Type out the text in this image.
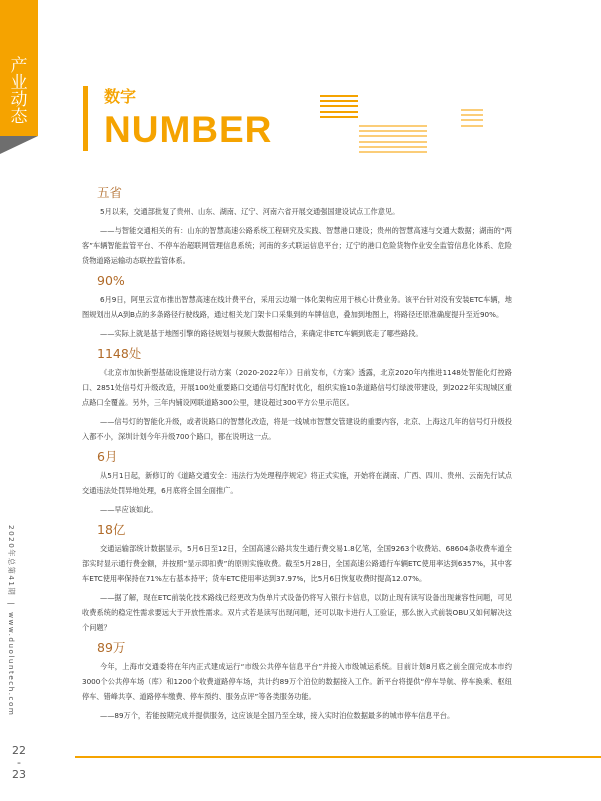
产业动态
数字
NUMBER
五省

5月以来，交通部批复了贵州、山东、湖南、辽宁、河南六省开展交通强国建设试点工作意见。

——与智能交通相关的有：山东的智慧高速公路系统工程研究及实践、智慧港口建设；贵州的智慧高速与交通大数据；湖南的“两客”车辆智能监管平台、不停车治超联网管理信息系统；河南的多式联运信息平台；辽宁的港口危险货物作业安全监管信息化体系、危险货物道路运输动态联控监管体系。

90%

6月9日，阿里云宣布推出智慧高速在线计费平台，采用云边端一体化架构应用于核心计费业务。该平台针对没有安装ETC车辆，地图规划出从A到B点的多条路径行驶线路，通过相关龙门架卡口采集到的车牌信息，叠加到地图上，将路径还原准确度提升至近90%。

——实际上就是基于地图引擎的路径规划与视频大数据相结合，来确定非ETC车辆到底走了哪些路段。

1148处

《北京市加快新型基础设施建设行动方案（2020-2022年）》日前发布，《方案》透露，北京2020年内推进1148处智能化灯控路口、2851处信号灯升级改造，开展100处重要路口交通信号灯配时优化，组织实施10条道路信号灯绿波带建设，到2022年实现城区重点路口全覆盖。另外，三年内铺设网联道路300公里，建设超过300平方公里示范区。

——信号灯的智能化升级，或者说路口的智慧化改造，将是一线城市智慧交管建设的重要内容，北京、上海这几年的信号灯升级投入都不小，深圳计划今年升级700个路口，都在说明这一点。

6月

从5月1日起，新修订的《道路交通安全：违法行为处理程序规定》将正式实施，开始将在湖南、广西、四川、贵州、云南先行试点交通违法处罚异地处理，6月底将全国全面推广。

——早应该如此。

18亿

交通运输部统计数据显示，5月6日至12日，全国高速公路共发生通行费交易1.8亿笔，全国9263个收费站、68604条收费车道全部实时显示通行费金额，并按照“显示即扣费”的原则实施收费。截至5月28日，全国高速公路通行车辆ETC使用率达到6357%，其中客车ETC使用率保持在71%左右基本持平；货车ETC使用率达到37.97%，比5月6日恢复收费时提高12.07%。

——据了解，现在ETC前装化技术路线已经更改为伪单片式设备仍将写入银行卡信息，以防止现有读写设备出现兼容性问题，可见收费系统的稳定性需求要远大于开放性需求。双片式若是读写出现问题，还可以取卡进行人工验证，那么嵌入式前装OBU又如何解决这个问题？

89万

今年，上海市交通委将在年内正式建成运行“市级公共停车信息平台”并接入市级城运系统。目前计划8月底之前全面完成本市约3000个公共停车场（库）和1200个收费道路停车场，共计约89万个泊位的数据接入工作。新平台将提供“停车导航、停车换乘、枢纽停车、错峰共享、道路停车缴费、停车预约、服务点评”等各类服务功能。

——89万个，若能按期完成并提供服务，这应该是全国乃至全球，接入实时泊位数据最多的城市停车信息平台。

2020年总第41期|www.duoluntech.com
22
-
23
